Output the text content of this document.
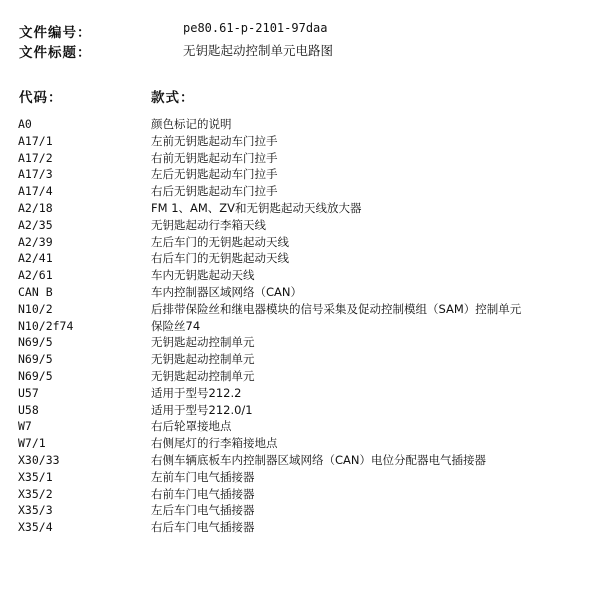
文件编号：	pe80.61-p-2101-97daa
文件标题：	无钥匙起动控制单元电路图
代码：	款式：
A0	颜色标记的说明
A17/1	左前无钥匙起动车门拉手
A17/2	右前无钥匙起动车门拉手
A17/3	左后无钥匙起动车门拉手
A17/4	右后无钥匙起动车门拉手
A2/18	FM 1、AM、ZV和无钥匙起动天线放大器
A2/35	无钥匙起动行李箱天线
A2/39	左后车门的无钥匙起动天线
A2/41	右后车门的无钥匙起动天线
A2/61	车内无钥匙起动天线
CAN B	车内控制器区域网络（CAN）
N10/2	后排带保险丝和继电器模块的信号采集及促动控制模组（SAM）控制单元
N10/2f74	保险丝74
N69/5	无钥匙起动控制单元
N69/5	无钥匙起动控制单元
N69/5	无钥匙起动控制单元
U57	适用于型号212.2
U58	适用于型号212.0/1
W7	右后轮罩接地点
W7/1	右侧尾灯的行李箱接地点
X30/33	右侧车辆底板车内控制器区域网络（CAN）电位分配器电气插接器
X35/1	左前车门电气插接器
X35/2	右前车门电气插接器
X35/3	左后车门电气插接器
X35/4	右后车门电气插接器
